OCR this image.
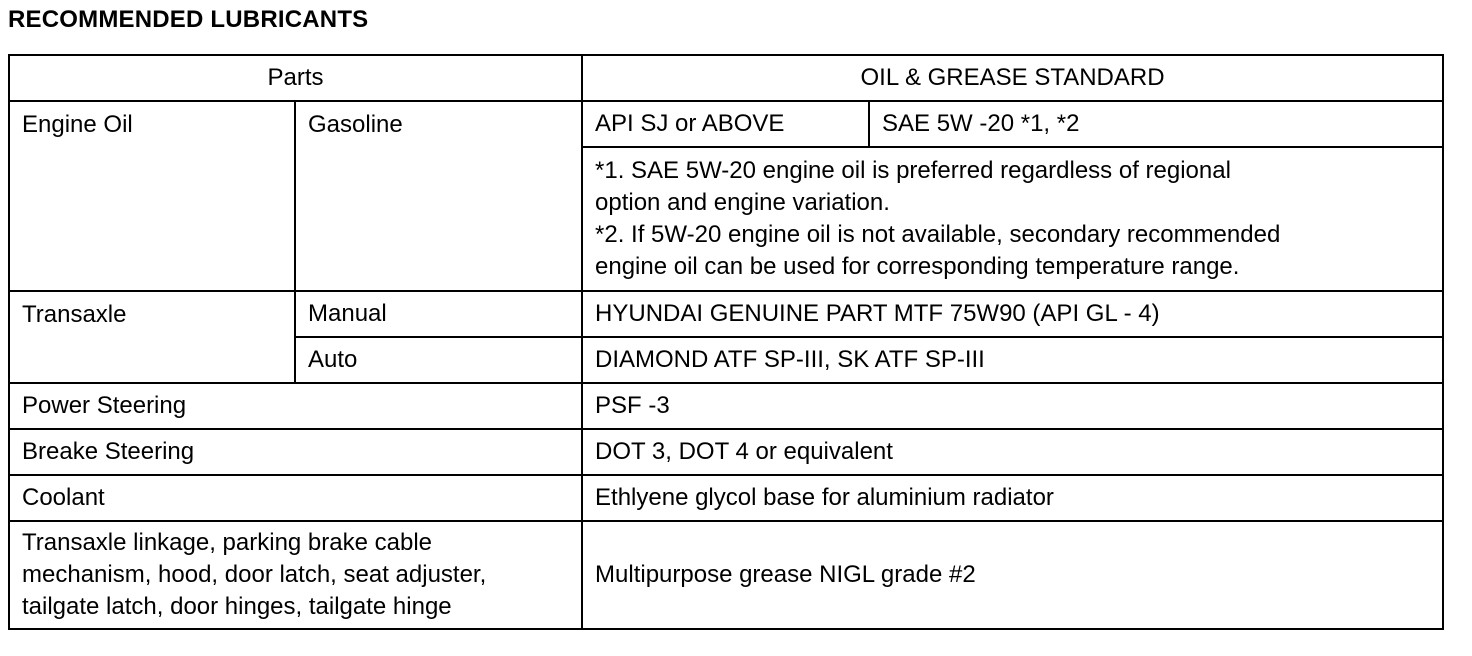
RECOMMENDED LUBRICANTS
Parts		OIL & GREASE STANDARD	
Engine Oil	Gasoline	API SJ or ABOVE	SAE 5W -20 *1, *2

		*1. SAE 5W-20 engine oil is preferred regardless of regional
option and engine variation.
*2. If 5W-20 engine oil is not available, secondary recommended
engine oil can be used for corresponding temperature range.	

Transaxle	Manual	HYUNDAI GENUINE PART MTF 75W90 (API GL - 4)	
	Auto	DIAMOND ATF SP-III, SK ATF SP-III	
Power Steering		PSF -3	
Breake Steering		DOT 3, DOT 4 or equivalent	
Coolant		Ethlyene glycol base for aluminium radiator	

Transaxle linkage, parking brake cable
mechanism, hood, door latch, seat adjuster,
tailgate latch, door hinges, tailgate hinge		Multipurpose grease NIGL grade #2	
